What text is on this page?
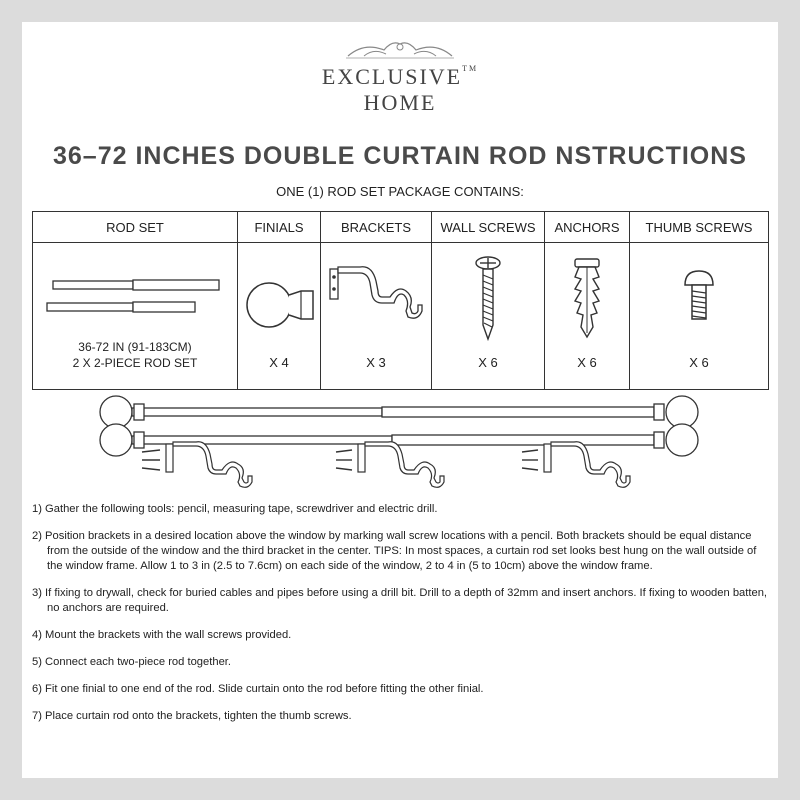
EXCLUSIVE™
HOME
36–72 INCHES DOUBLE CURTAIN ROD NSTRUCTIONS
ONE (1) ROD SET PACKAGE CONTAINS:
ROD SET	FINIALS	BRACKETS	WALL SCREWS	ANCHORS	THUMB SCREWS

36-72 IN (91-183CM)
2 X 2-PIECE ROD SET	X 4	X 3	X 6	X 6	X 6
1) Gather the following tools: pencil, measuring tape, screwdriver and electric drill.
2) Position brackets in a desired location above the window by marking wall screw locations with a pencil. Both brackets should be equal distance from the outside of the window and the third bracket in the center. TIPS: In most spaces, a curtain rod set looks best hung on the wall outside of the window frame. Allow 1 to 3 in (2.5 to 7.6cm) on each side of the window, 2 to 4 in (5 to 10cm) above the window frame.
3) If fixing to drywall, check for buried cables and pipes before using a drill bit. Drill to a depth of 32mm and insert anchors. If fixing to wooden batten, no anchors are required.
4) Mount the brackets with the wall screws provided.
5) Connect each two-piece rod together.
6) Fit one finial to one end of the rod. Slide curtain onto the rod before fitting the other finial.
7) Place curtain rod onto the brackets, tighten the thumb screws.
